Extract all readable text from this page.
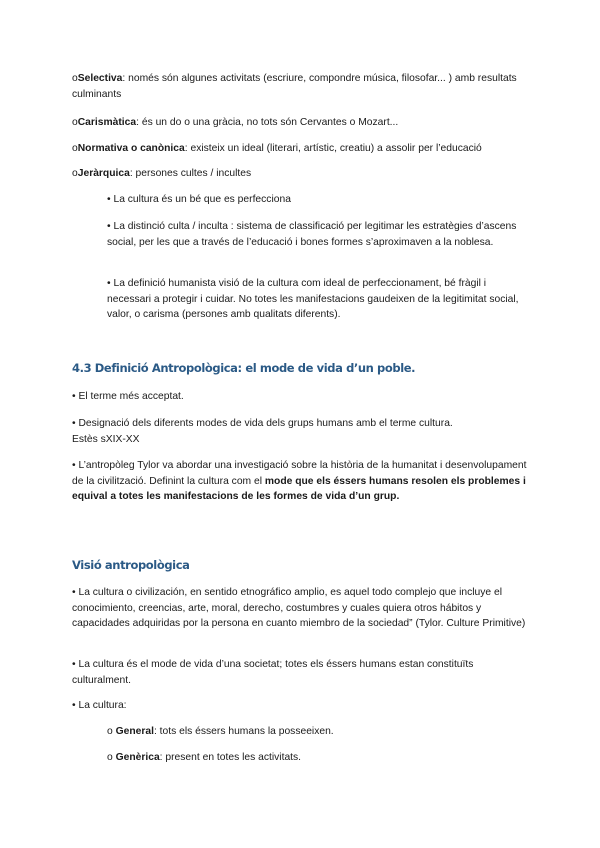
oSelectiva: només són algunes activitats (escriure, compondre música, filosofar... ) amb resultats culminants

oCarismàtica: és un do o una gràcia, no tots són Cervantes o Mozart...

oNormativa o canònica: existeix un ideal (literari, artístic, creatiu) a assolir per l’educació

oJeràrquica: persones cultes / incultes

• La cultura és un bé que es perfecciona

• La distinció culta / inculta : sistema de classificació per legitimar les estratègies d’ascens social, per les que a través de l’educació i bones formes s’aproximaven a la noblesa.

• La definició humanista visió de la cultura com ideal de perfeccionament, bé fràgil i necessari a protegir i cuidar. No totes les manifestacions gaudeixen de la legitimitat social, valor, o carisma (persones amb qualitats diferents).

4.3 Definició Antropològica: el mode de vida d’un poble.

• El terme més acceptat.

• Designació dels diferents modes de vida dels grups humans amb el terme cultura.
Estès sXIX-XX

• L’antropòleg Tylor va abordar una investigació sobre la història de la humanitat i desenvolupament de la civilització. Definint la cultura com el mode que els éssers humans resolen els problemes i equival a totes les manifestacions de les formes de vida d’un grup.

Visió antropològica

• La cultura o civilización, en sentido etnográfico amplio, es aquel todo complejo que incluye el conocimiento, creencias, arte, moral, derecho, costumbres y cuales quiera otros hábitos y capacidades adquiridas por la persona en cuanto miembro de la sociedad” (Tylor. Culture Primitive)

• La cultura és el mode de vida d’una societat; totes els éssers humans estan constituïts culturalment.

• La cultura:

o General: tots els éssers humans la posseeixen.

o Genèrica: present en totes les activitats.
